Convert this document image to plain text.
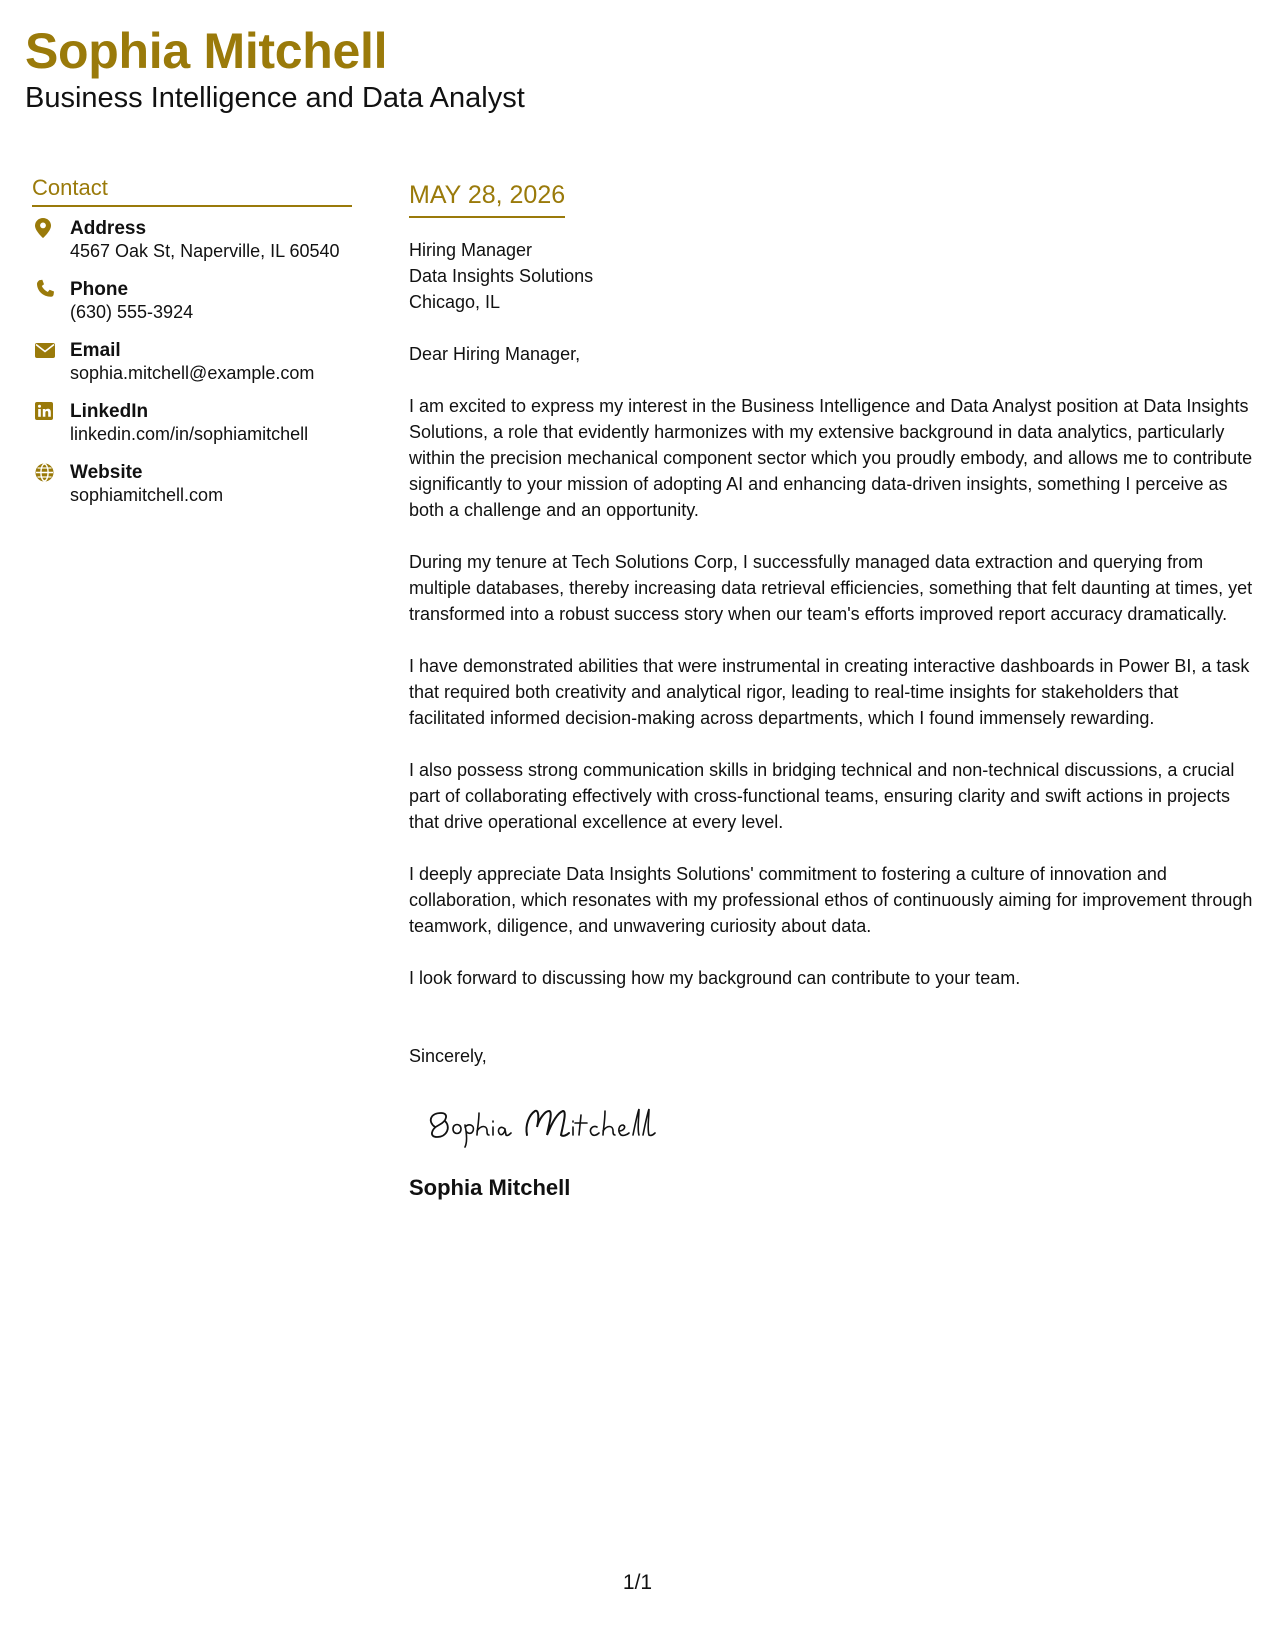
Sophia Mitchell
Business Intelligence and Data Analyst
Contact
Address
4567 Oak St, Naperville, IL 60540
Phone
(630) 555-3924
Email
sophia.mitchell@example.com
LinkedIn
linkedin.com/in/sophiamitchell
Website
sophiamitchell.com
MAY 28, 2026
Hiring Manager
Data Insights Solutions
Chicago, IL
Dear Hiring Manager,

I am excited to express my interest in the Business Intelligence and Data Analyst position at Data Insights Solutions, a role that evidently harmonizes with my extensive background in data analytics, particularly within the precision mechanical component sector which you proudly embody, and allows me to contribute significantly to your mission of adopting AI and enhancing data-driven insights, something I perceive as both a challenge and an opportunity.

During my tenure at Tech Solutions Corp, I successfully managed data extraction and querying from multiple databases, thereby increasing data retrieval efficiencies, something that felt daunting at times, yet transformed into a robust success story when our team's efforts improved report accuracy dramatically.

I have demonstrated abilities that were instrumental in creating interactive dashboards in Power BI, a task that required both creativity and analytical rigor, leading to real-time insights for stakeholders that facilitated informed decision-making across departments, which I found immensely rewarding.

I also possess strong communication skills in bridging technical and non-technical discussions, a crucial part of collaborating effectively with cross-functional teams, ensuring clarity and swift actions in projects that drive operational excellence at every level.

I deeply appreciate Data Insights Solutions' commitment to fostering a culture of innovation and collaboration, which resonates with my professional ethos of continuously aiming for improvement through teamwork, diligence, and unwavering curiosity about data.

I look forward to discussing how my background can contribute to your team.

Sincerely,
Sophia Mitchell
1/1
